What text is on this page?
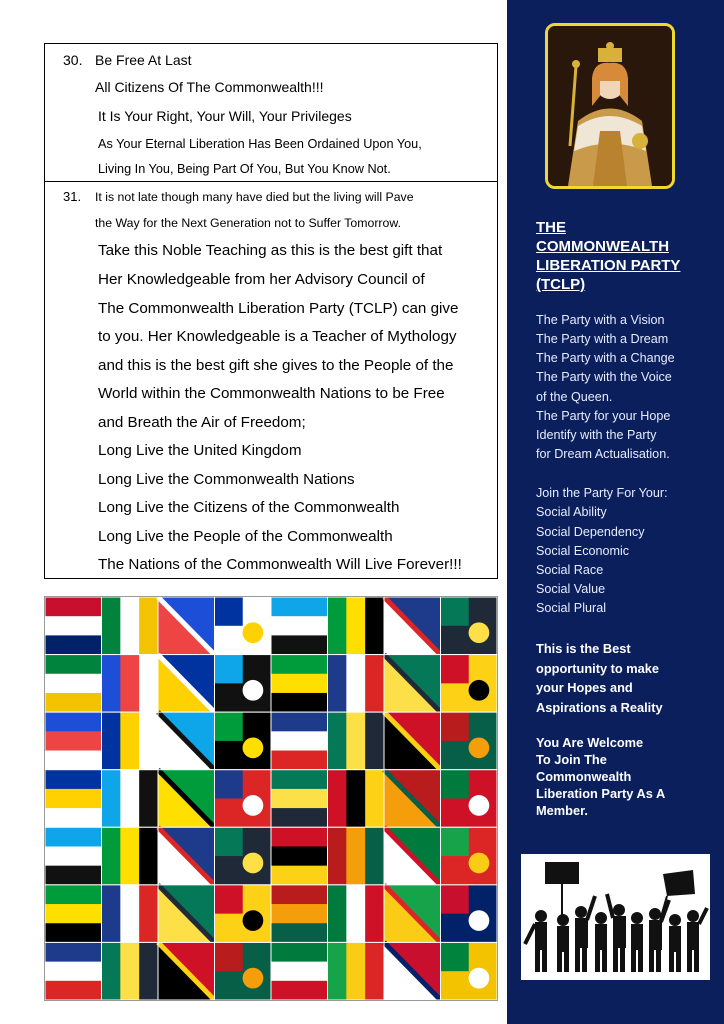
30. Be Free At Last
All Citizens Of The Commonwealth!!!
It Is Your Right, Your Will, Your Privileges
As Your Eternal Liberation Has Been Ordained Upon You,
Living In You, Being Part Of You, But You Know Not.
31. It is not late though many have died but the living will Pave
the Way for the Next Generation not to Suffer Tomorrow.
Take this Noble Teaching as this is the best gift that
Her Knowledgeable from her Advisory Council of
The Commonwealth Liberation Party (TCLP) can give
to you. Her Knowledgeable is a Teacher of Mythology
and this is the best gift she gives to the People of the
World within the Commonwealth Nations to be Free
and Breath the Air of Freedom;
Long Live the United Kingdom
Long Live the Commonwealth Nations
Long Live the Citizens of the Commonwealth
Long Live the People of the Commonwealth
The Nations of the Commonwealth Will Live Forever!!!
THE
COMMONWEALTH
LIBERATION PARTY
(TCLP)
The Party with a Vision
The Party with a Dream
The Party with a Change
The Party with the Voice
of the Queen.
The Party for your Hope
Identify with the Party
for Dream Actualisation.
Join the Party For Your:
Social Ability
Social Dependency
Social Economic
Social Race
Social Value
Social Plural
This is the Best
opportunity to make
your Hopes and
Aspirations a Reality
You Are Welcome
To Join The
Commonwealth
Liberation Party As A
Member.
